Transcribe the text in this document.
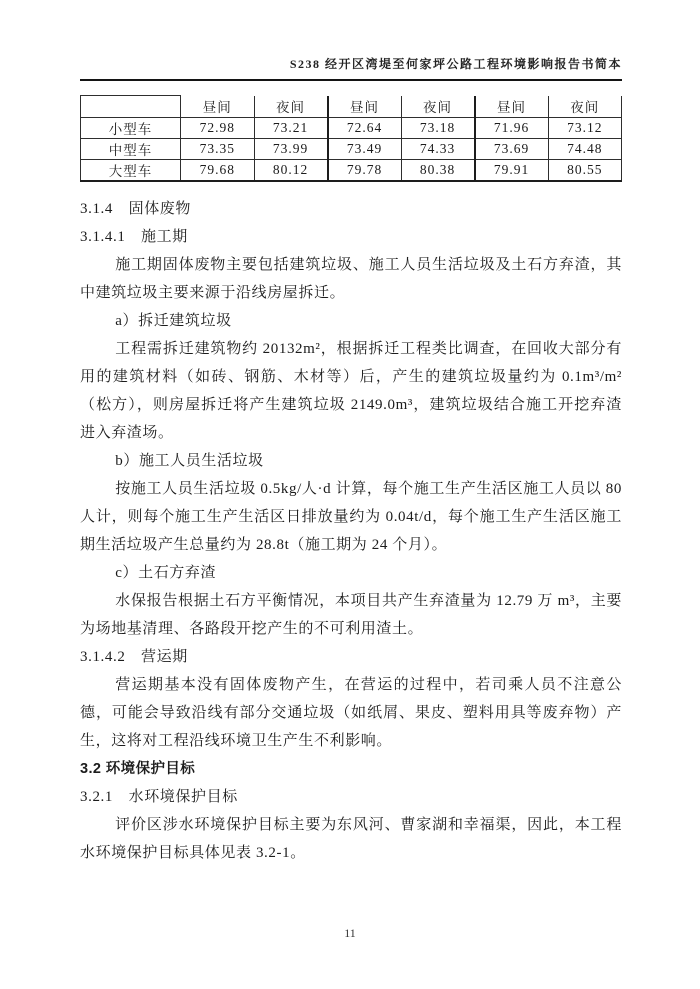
S238 经开区湾堤至何家坪公路工程环境影响报告书简本
	昼间	夜间	昼间	夜间	昼间	夜间
小型车	72.98	73.21	72.64	73.18	71.96	73.12
中型车	73.35	73.99	73.49	74.33	73.69	74.48
大型车	79.68	80.12	79.78	80.38	79.91	80.55
3.1.4　固体废物
3.1.4.1　施工期

施工期固体废物主要包括建筑垃圾、施工人员生活垃圾及土石方弃渣，其中建筑垃圾主要来源于沿线房屋拆迁。

a）拆迁建筑垃圾

工程需拆迁建筑物约 20132m²，根据拆迁工程类比调查，在回收大部分有用的建筑材料（如砖、钢筋、木材等）后，产生的建筑垃圾量约为 0.1m³/m²（松方），则房屋拆迁将产生建筑垃圾 2149.0m³，建筑垃圾结合施工开挖弃渣进入弃渣场。

b）施工人员生活垃圾

按施工人员生活垃圾 0.5kg/人·d 计算，每个施工生产生活区施工人员以 80 人计，则每个施工生产生活区日排放量约为 0.04t/d，每个施工生产生活区施工期生活垃圾产生总量约为 28.8t（施工期为 24 个月）。

c）土石方弃渣

水保报告根据土石方平衡情况，本项目共产生弃渣量为 12.79 万 m³，主要为场地基清理、各路段开挖产生的不可利用渣土。

3.1.4.2　营运期

营运期基本没有固体废物产生，在营运的过程中，若司乘人员不注意公德，可能会导致沿线有部分交通垃圾（如纸屑、果皮、塑料用具等废弃物）产生，这将对工程沿线环境卫生产生不利影响。

3.2 环境保护目标
3.2.1　水环境保护目标

评价区涉水环境保护目标主要为东风河、曹家湖和幸福渠，因此，本工程水环境保护目标具体见表 3.2-1。

11
